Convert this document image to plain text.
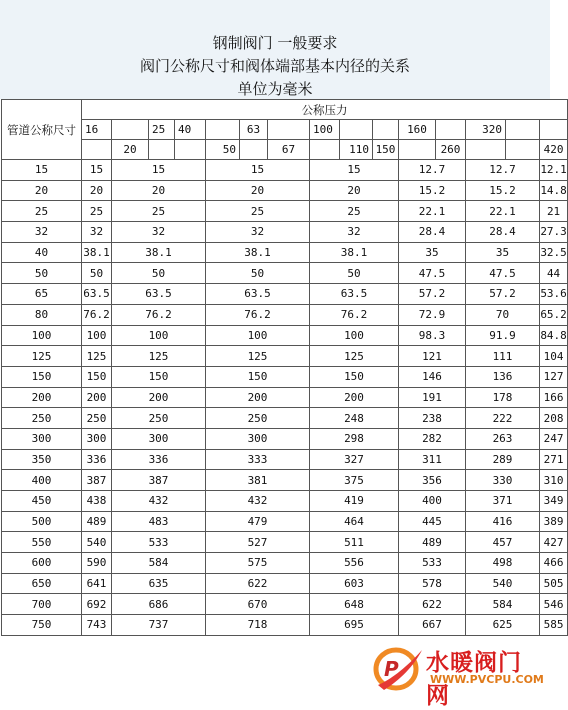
钢制阀门 一般要求
阀门公称尺寸和阀体端部基本内径的关系
单位为毫米
管道公称尺寸	公称压力															
	16		25	40		63		100			160		320			
		20			50		67		110	150		260			420	
15	15	15			15			15			12.7		12.7		12.1	
20	20	20			20			20			15.2		15.2		14.8	
25	25	25			25			25			22.1		22.1		21	
32	32	32			32			32			28.4		28.4		27.3	
40	38.1	38.1			38.1			38.1			35		35		32.5	
50	50	50			50			50			47.5		47.5		44	
65	63.5	63.5			63.5			63.5			57.2		57.2		53.6	
80	76.2	76.2			76.2			76.2			72.9		70		65.2	
100	100	100			100			100			98.3		91.9		84.8	
125	125	125			125			125			121		111		104	
150	150	150			150			150			146		136		127	
200	200	200			200			200			191		178		166	
250	250	250			250			248			238		222		208	
300	300	300			300			298			282		263		247	
350	336	336			333			327			311		289		271	
400	387	387			381			375			356		330		310	
450	438	432			432			419			400		371		349	
500	489	483			479			464			445		416		389	
550	540	533			527			511			489		457		427	
600	590	584			575			556			533		498		466	
650	641	635			622			603			578		540		505	
700	692	686			670			648			622		584		546	
750	743	737			718			695			667		625		585	
P 水暖阀门网
WWW.PVCPU.COM
